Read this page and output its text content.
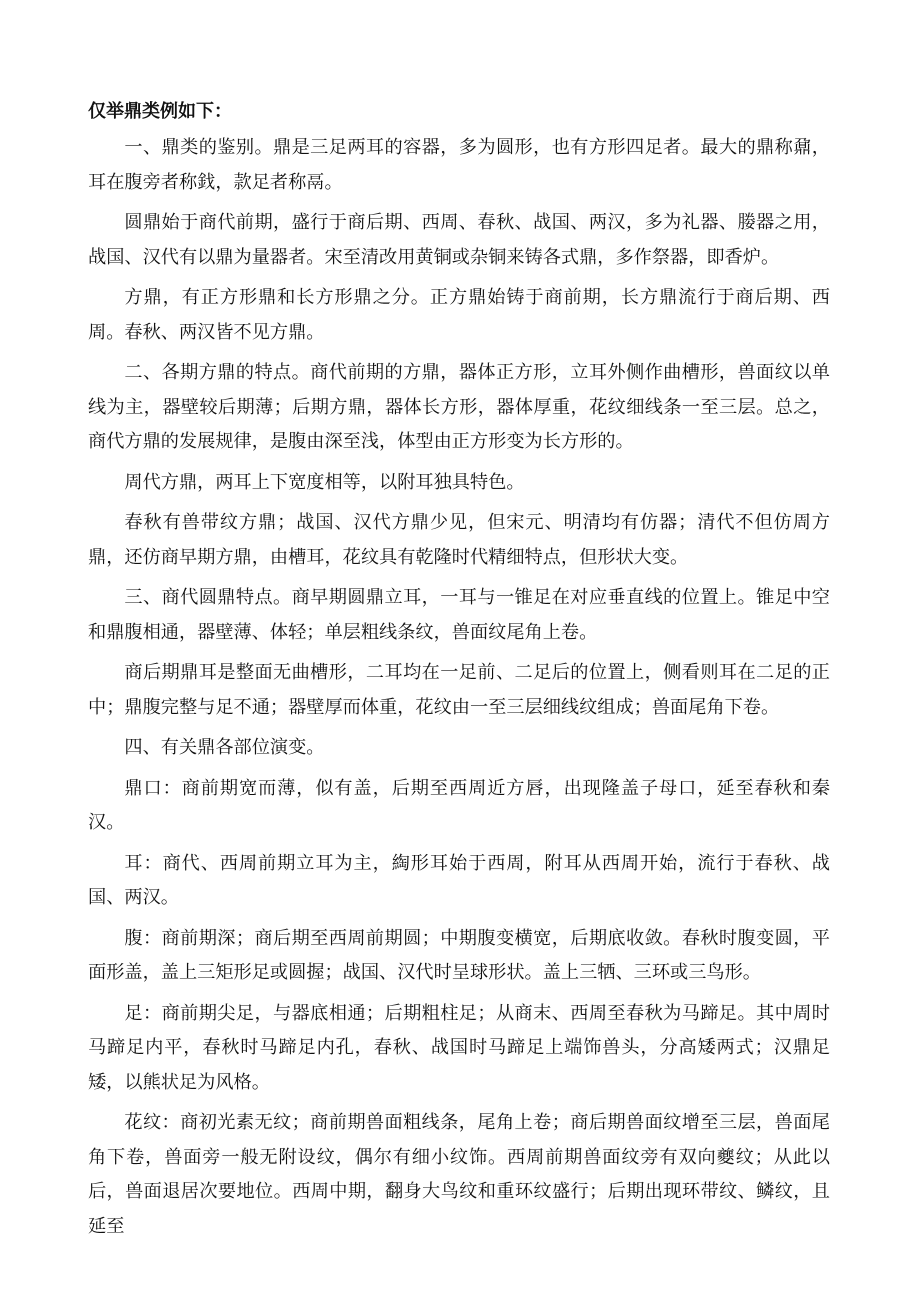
仅举鼎类例如下：

一、鼎类的鉴别。鼎是三足两耳的容器，多为圆形，也有方形四足者。最大的鼎称鼐，耳在腹旁者称鈛，款足者称鬲。

圆鼎始于商代前期，盛行于商后期、西周、春秋、战国、两汉，多为礼器、媵器之用，战国、汉代有以鼎为量器者。宋至清改用黄铜或杂铜来铸各式鼎，多作祭器，即香炉。

方鼎，有正方形鼎和长方形鼎之分。正方鼎始铸于商前期，长方鼎流行于商后期、西周。春秋、两汉皆不见方鼎。

二、各期方鼎的特点。商代前期的方鼎，器体正方形，立耳外侧作曲槽形，兽面纹以单线为主，器壁较后期薄；后期方鼎，器体长方形，器体厚重，花纹细线条一至三层。总之，商代方鼎的发展规律，是腹由深至浅，体型由正方形变为长方形的。

周代方鼎，两耳上下宽度相等，以附耳独具特色。

春秋有兽带纹方鼎；战国、汉代方鼎少见，但宋元、明清均有仿器；清代不但仿周方鼎，还仿商早期方鼎，由槽耳，花纹具有乾隆时代精细特点，但形状大变。

三、商代圆鼎特点。商早期圆鼎立耳，一耳与一锥足在对应垂直线的位置上。锥足中空和鼎腹相通，器壁薄、体轻；单层粗线条纹，兽面纹尾角上卷。

商后期鼎耳是整面无曲槽形，二耳均在一足前、二足后的位置上，侧看则耳在二足的正中；鼎腹完整与足不通；器壁厚而体重，花纹由一至三层细线纹组成；兽面尾角下卷。

四、有关鼎各部位演变。

鼎口：商前期宽而薄，似有盖，后期至西周近方唇，出现隆盖子母口，延至春秋和秦汉。

耳：商代、西周前期立耳为主，綯形耳始于西周，附耳从西周开始，流行于春秋、战国、两汉。

腹：商前期深；商后期至西周前期圆；中期腹变横宽，后期底收敛。春秋时腹变圆，平面形盖，盖上三矩形足或圆握；战国、汉代时呈球形状。盖上三牺、三环或三鸟形。

足：商前期尖足，与器底相通；后期粗柱足；从商末、西周至春秋为马蹄足。其中周时马蹄足内平，春秋时马蹄足内孔，春秋、战国时马蹄足上端饰兽头，分高矮两式；汉鼎足矮，以熊状足为风格。

花纹：商初光素无纹；商前期兽面粗线条，尾角上卷；商后期兽面纹增至三层，兽面尾角下卷，兽面旁一般无附设纹，偶尔有细小纹饰。西周前期兽面纹旁有双向夔纹；从此以后，兽面退居次要地位。西周中期，翻身大鸟纹和重环纹盛行；后期出现环带纹、鳞纹，且延至
